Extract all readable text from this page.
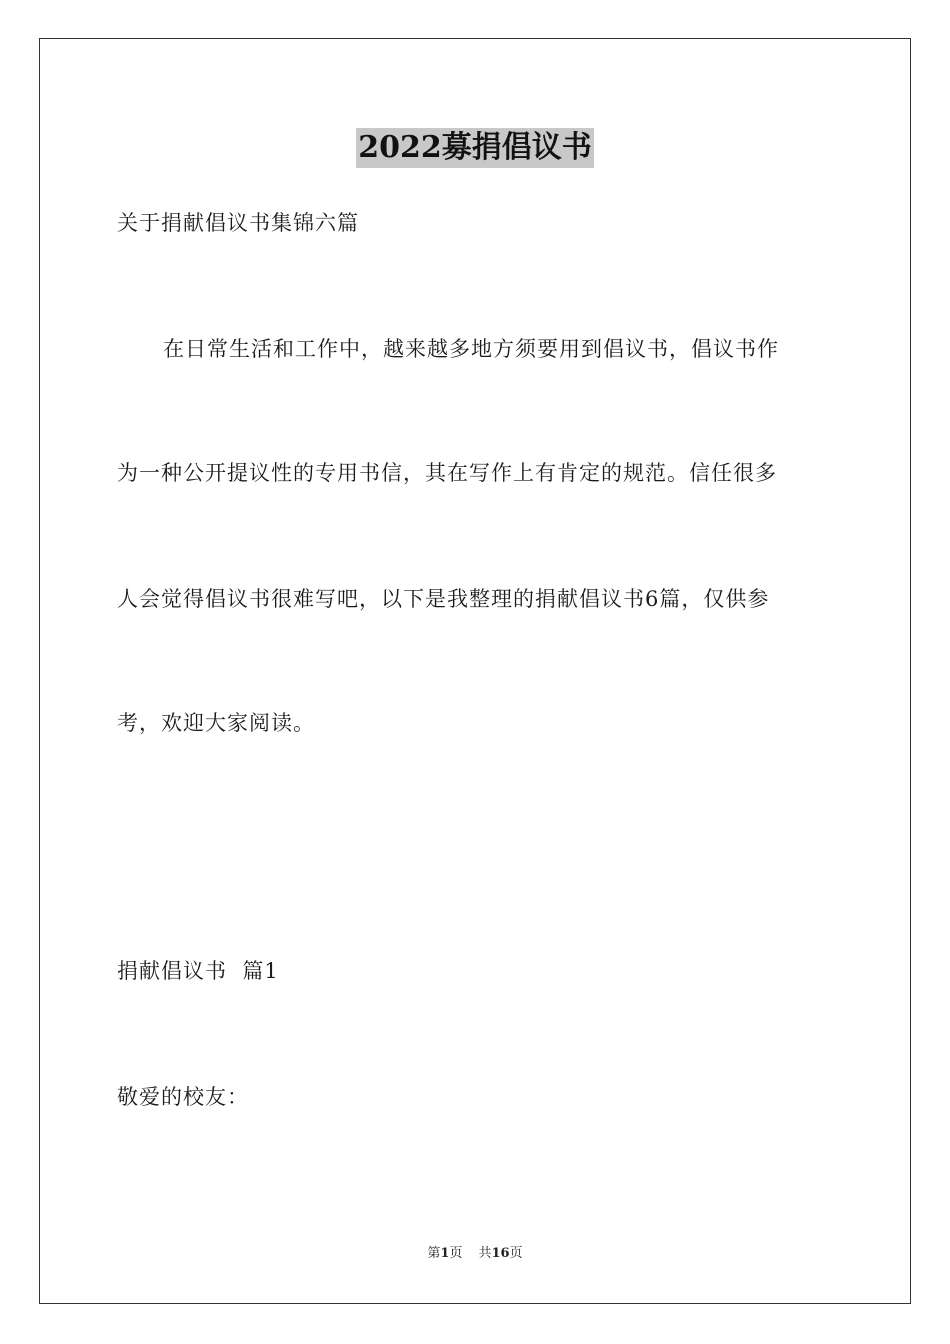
2022募捐倡议书
关于捐献倡议书集锦六篇
在日常生活和工作中，越来越多地方须要用到倡议书，倡议书作
为一种公开提议性的专用书信，其在写作上有肯定的规范。信任很多
人会觉得倡议书很难写吧，以下是我整理的捐献倡议书6篇，仅供参
考，欢迎大家阅读。
捐献倡议书  篇1
敬爱的校友：
第1页 共16页
